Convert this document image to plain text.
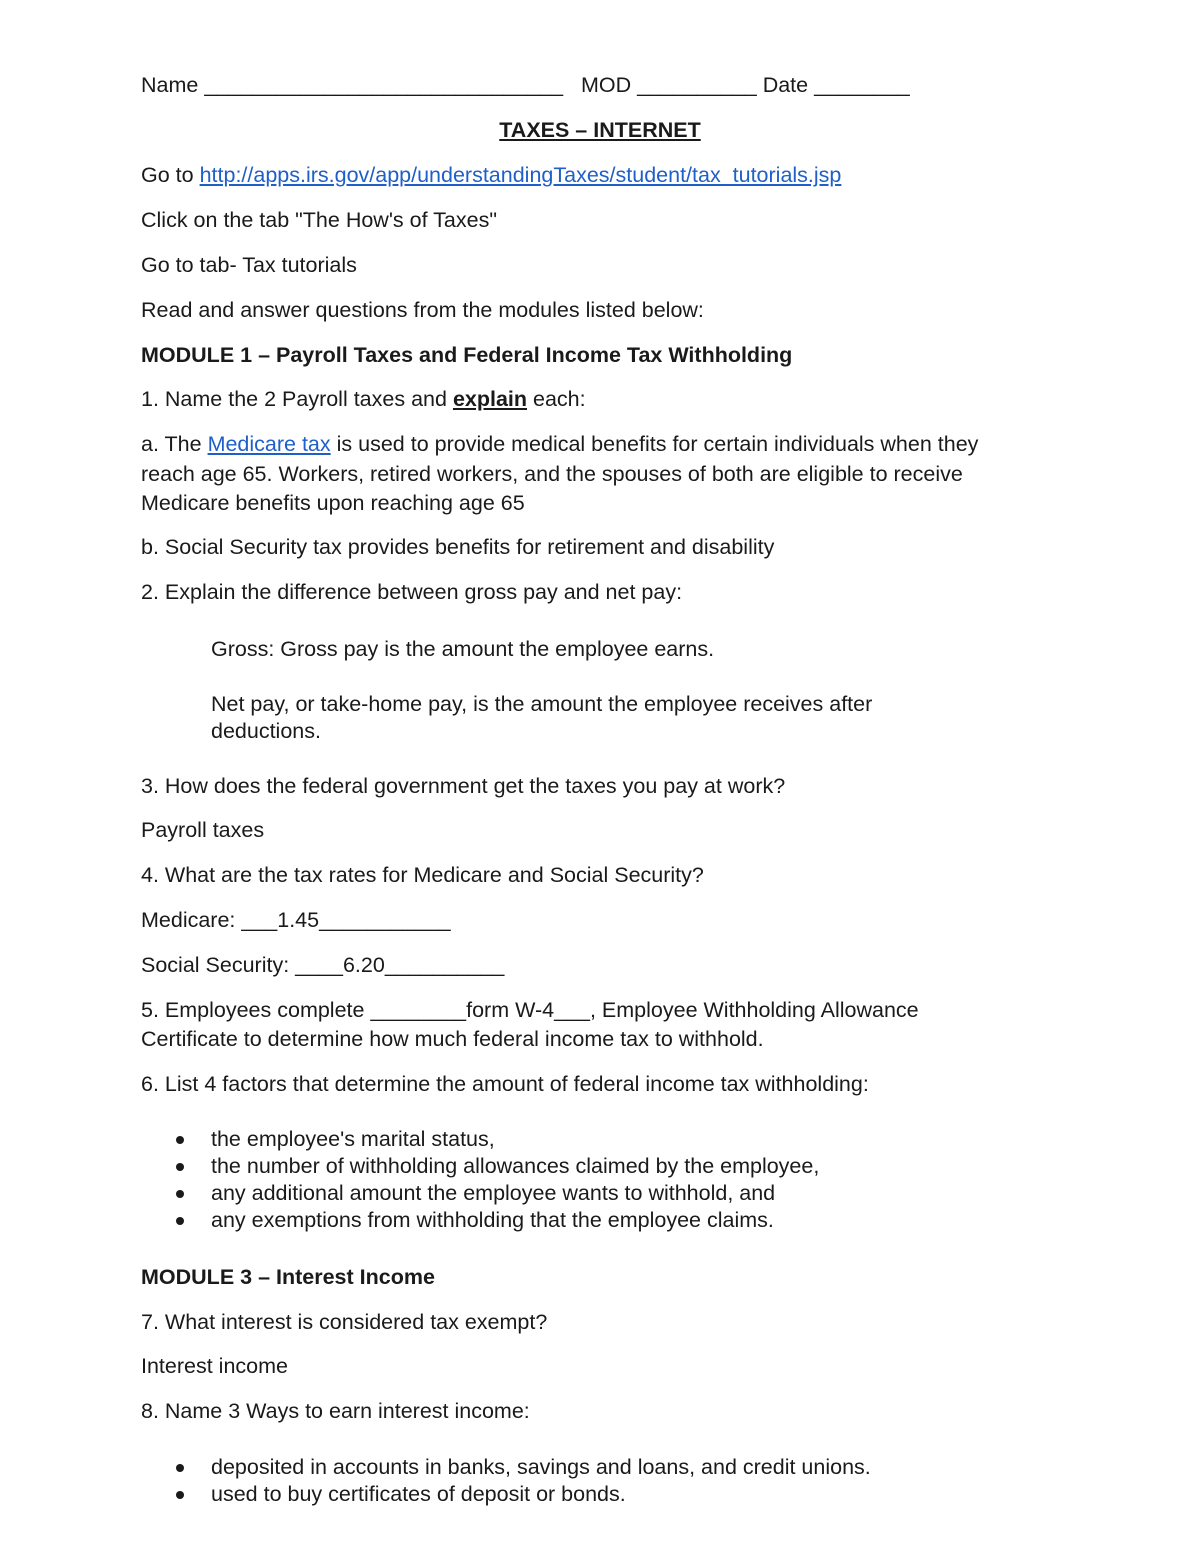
Name ______________________________ MOD __________ Date ________
TAXES – INTERNET
Go to http://apps.irs.gov/app/understandingTaxes/student/tax_tutorials.jsp
Click on the tab "The How's of Taxes"
Go to tab- Tax tutorials
Read and answer questions from the modules listed below:
MODULE 1 – Payroll Taxes and Federal Income Tax Withholding
1. Name the 2 Payroll taxes and explain each:
a. The Medicare tax is used to provide medical benefits for certain individuals when they
reach age 65. Workers, retired workers, and the spouses of both are eligible to receive
Medicare benefits upon reaching age 65
b. Social Security tax provides benefits for retirement and disability
2. Explain the difference between gross pay and net pay:
Gross: Gross pay is the amount the employee earns.
Net pay, or take-home pay, is the amount the employee receives after
deductions.
3. How does the federal government get the taxes you pay at work?
Payroll taxes
4. What are the tax rates for Medicare and Social Security?
Medicare: ___1.45___________
Social Security: ____6.20__________
5. Employees complete ________form W-4___, Employee Withholding Allowance
Certificate to determine how much federal income tax to withhold.
6. List 4 factors that determine the amount of federal income tax withholding:
the employee's marital status,
the number of withholding allowances claimed by the employee,
any additional amount the employee wants to withhold, and
any exemptions from withholding that the employee claims.
MODULE 3 – Interest Income
7. What interest is considered tax exempt?
Interest income
8. Name 3 Ways to earn interest income:
deposited in accounts in banks, savings and loans, and credit unions.
used to buy certificates of deposit or bonds.
